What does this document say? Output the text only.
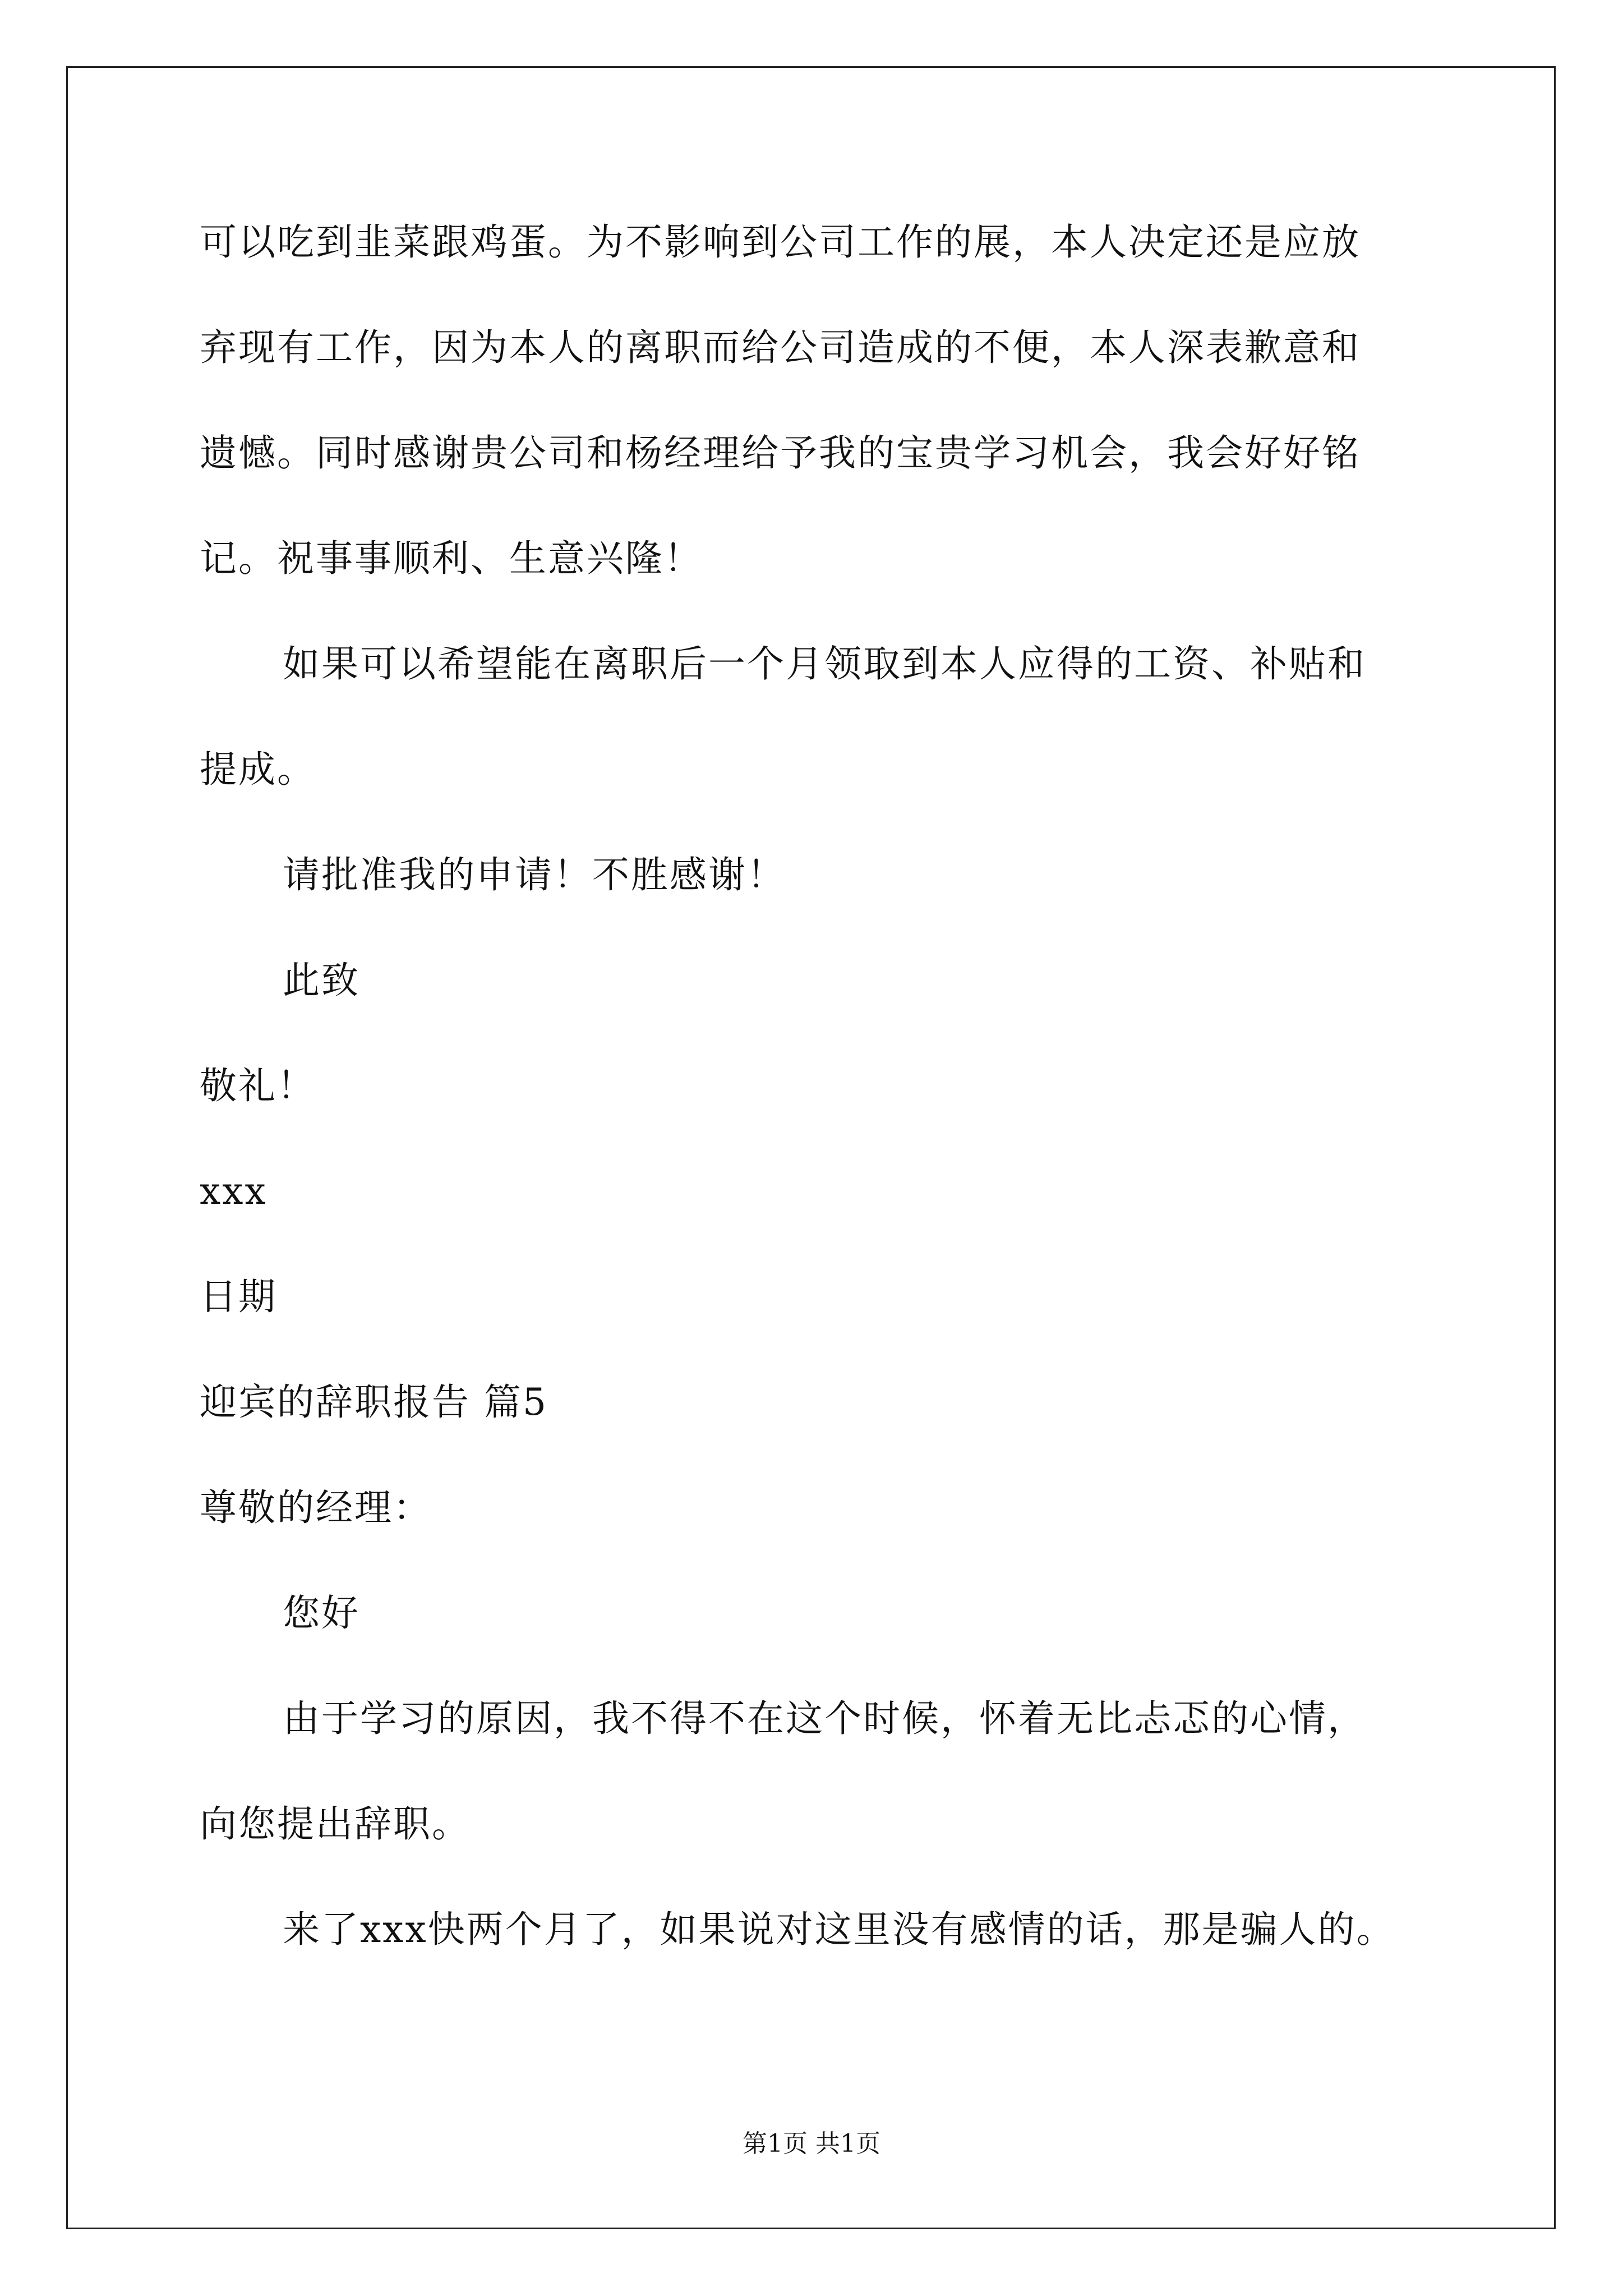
可以吃到韭菜跟鸡蛋。为不影响到公司工作的展，本人决定还是应放
弃现有工作，因为本人的离职而给公司造成的不便，本人深表歉意和
遗憾。同时感谢贵公司和杨经理给予我的宝贵学习机会，我会好好铭
记。祝事事顺利、生意兴隆！
如果可以希望能在离职后一个月领取到本人应得的工资、补贴和
提成。
请批准我的申请！不胜感谢！
此致
敬礼！
xxx
日期
迎宾的辞职报告 篇5
尊敬的经理：
您好
由于学习的原因，我不得不在这个时候，怀着无比忐忑的心情，
向您提出辞职。
来了xxx快两个月了，如果说对这里没有感情的话，那是骗人的。
第1页 共1页
